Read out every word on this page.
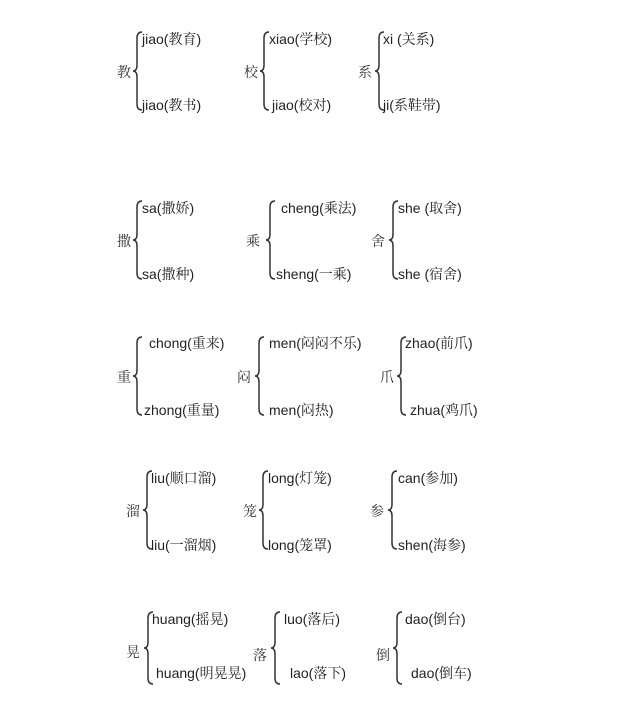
教
jiao(教育)
jiao(教书)
校
xiao(学校)
jiao(校对)
系
xi (关系)
ji(系鞋带)
撒
sa(撒娇)
sa(撒种)
乘
cheng(乘法)
sheng(一乘)
舍
she (取舍)
she (宿舍)
重
chong(重来)
zhong(重量)
闷
men(闷闷不乐)
men(闷热)
爪
zhao(前爪)
zhua(鸡爪)
溜
liu(顺口溜)
liu(一溜烟)
笼
long(灯笼)
long(笼罩)
参
can(参加)
shen(海参)
晃
huang(摇晃)
huang(明晃晃)
落
luo(落后)
lao(落下)
倒
dao(倒台)
dao(倒车)
